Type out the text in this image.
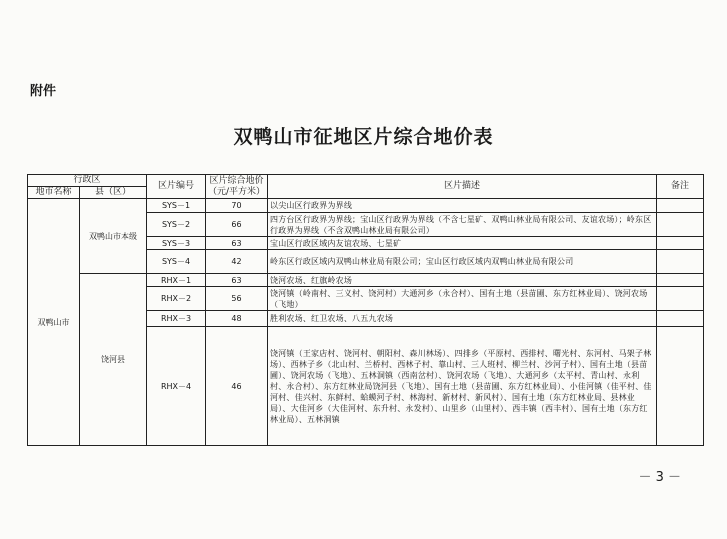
附件
双鸭山市征地区片综合地价表
行政区		区片编号	区片综合地价（元/平方米）	区片描述	备注
地市名称	县（区）				
双鸭山市	双鸭山市本级	SYS－1	70	以尖山区行政界为界线	
		SYS－2	66	四方台区行政界为界线；宝山区行政界为界线（不含七星矿、双鸭山林业局有限公司、友谊农场）；岭东区行政界为界线（不含双鸭山林业局有限公司）	
		SYS－3	63	宝山区行政区域内友谊农场、七星矿	
		SYS－4	42	岭东区行政区域内双鸭山林业局有限公司；宝山区行政区域内双鸭山林业局有限公司	
	饶河县	RHX－1	63	饶河农场、红旗岭农场	
		RHX－2	56	饶河镇（岭南村、三义村、饶河村）大通河乡（永合村）、国有土地（县苗圃、东方红林业局）、饶河农场（飞地）	
		RHX－3	48	胜利农场、红卫农场、八五九农场	
		RHX－4	46	饶河镇（王家店村、饶河村、朝阳村、森川林场）、四排乡（平原村、西排村、曙光村、东河村、马架子林场）、西林子乡（北山村、兰桥村、西林子村、靠山村、三人班村、柳兰村、沙河子村）、国有土地（县苗圃）、饶河农场（飞地）、五林洞镇（西南岔村）、饶河农场（飞地）、大通河乡（太平村、青山村、永利村、永合村）、东方红林业局饶河县（飞地）、国有土地（县苗圃、东方红林业局）、小佳河镇（佳平村、佳河村、佳兴村、东鲜村、蛤蟆河子村、林海村、新材村、新风村）、国有土地（东方红林业局、县林业局）、大佳河乡（大佳河村、东升村、永发村）、山里乡（山里村）、西丰镇（西丰村）、国有土地（东方红林业局）、五林洞镇	
－ 3 －
